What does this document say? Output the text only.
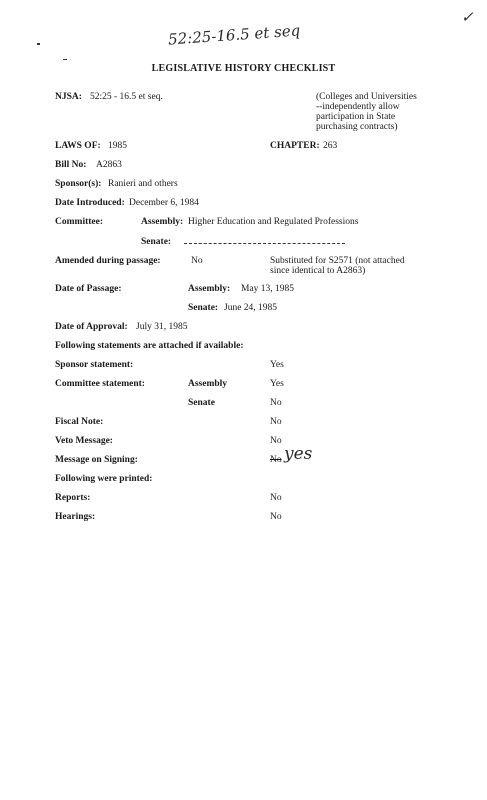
52:25-16.5 et seq
✓
LEGISLATIVE HISTORY CHECKLIST
NJSA: 52:25 - 16.5 et seq.	(Colleges and Universities
--independently allow
participation in State
purchasing contracts)
LAWS OF: 1985	CHAPTER: 263
Bill No: A2863
Sponsor(s): Ranieri and others
Date Introduced: December 6, 1984
Committee:	Assembly: Higher Education and Regulated Professions
Senate:
Amended during passage:	No	Substituted for S2571 (not attached
since identical to A2863)
Date of Passage:	Assembly: May 13, 1985
Senate: June 24, 1985
Date of Approval: July 31, 1985
Following statements are attached if available:
Sponsor statement:	Yes
Committee statement:	Assembly	Yes
Senate	No
Fiscal Note:	No
Veto Message:	No
Message on Signing:	No yes
Following were printed:
Reports:	No
Hearings:	No
